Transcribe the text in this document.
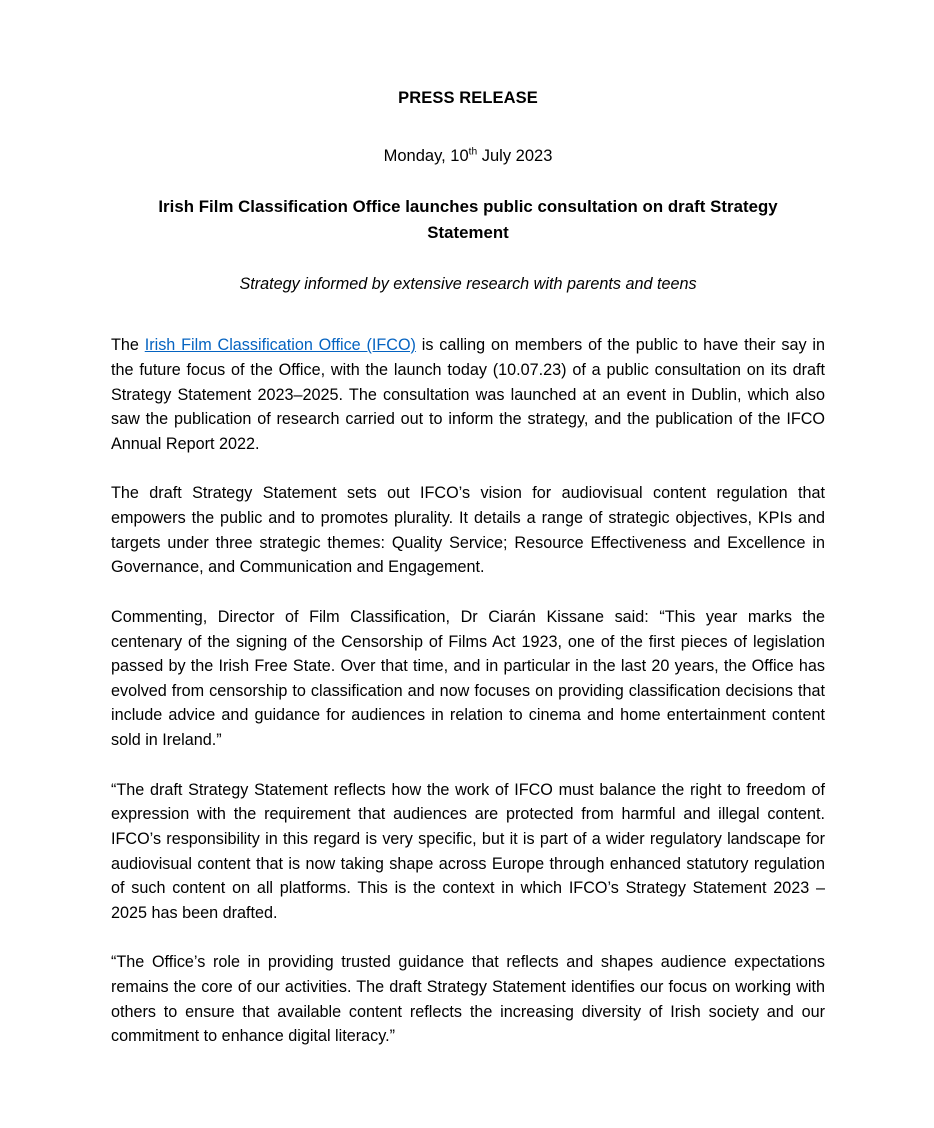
PRESS RELEASE

Monday, 10th July 2023

Irish Film Classification Office launches public consultation on draft Strategy Statement

Strategy informed by extensive research with parents and teens

The Irish Film Classification Office (IFCO) is calling on members of the public to have their say in the future focus of the Office, with the launch today (10.07.23) of a public consultation on its draft Strategy Statement 2023–2025. The consultation was launched at an event in Dublin, which also saw the publication of research carried out to inform the strategy, and the publication of the IFCO Annual Report 2022.

The draft Strategy Statement sets out IFCO’s vision for audiovisual content regulation that empowers the public and to promotes plurality. It details a range of strategic objectives, KPIs and targets under three strategic themes: Quality Service; Resource Effectiveness and Excellence in Governance, and Communication and Engagement.

Commenting, Director of Film Classification, Dr Ciarán Kissane said: “This year marks the centenary of the signing of the Censorship of Films Act 1923, one of the first pieces of legislation passed by the Irish Free State. Over that time, and in particular in the last 20 years, the Office has evolved from censorship to classification and now focuses on providing classification decisions that include advice and guidance for audiences in relation to cinema and home entertainment content sold in Ireland.”

“The draft Strategy Statement reflects how the work of IFCO must balance the right to freedom of expression with the requirement that audiences are protected from harmful and illegal content. IFCO’s responsibility in this regard is very specific, but it is part of a wider regulatory landscape for audiovisual content that is now taking shape across Europe through enhanced statutory regulation of such content on all platforms. This is the context in which IFCO’s Strategy Statement 2023 – 2025 has been drafted.

“The Office’s role in providing trusted guidance that reflects and shapes audience expectations remains the core of our activities. The draft Strategy Statement identifies our focus on working with others to ensure that available content reflects the increasing diversity of Irish society and our commitment to enhance digital literacy.”
